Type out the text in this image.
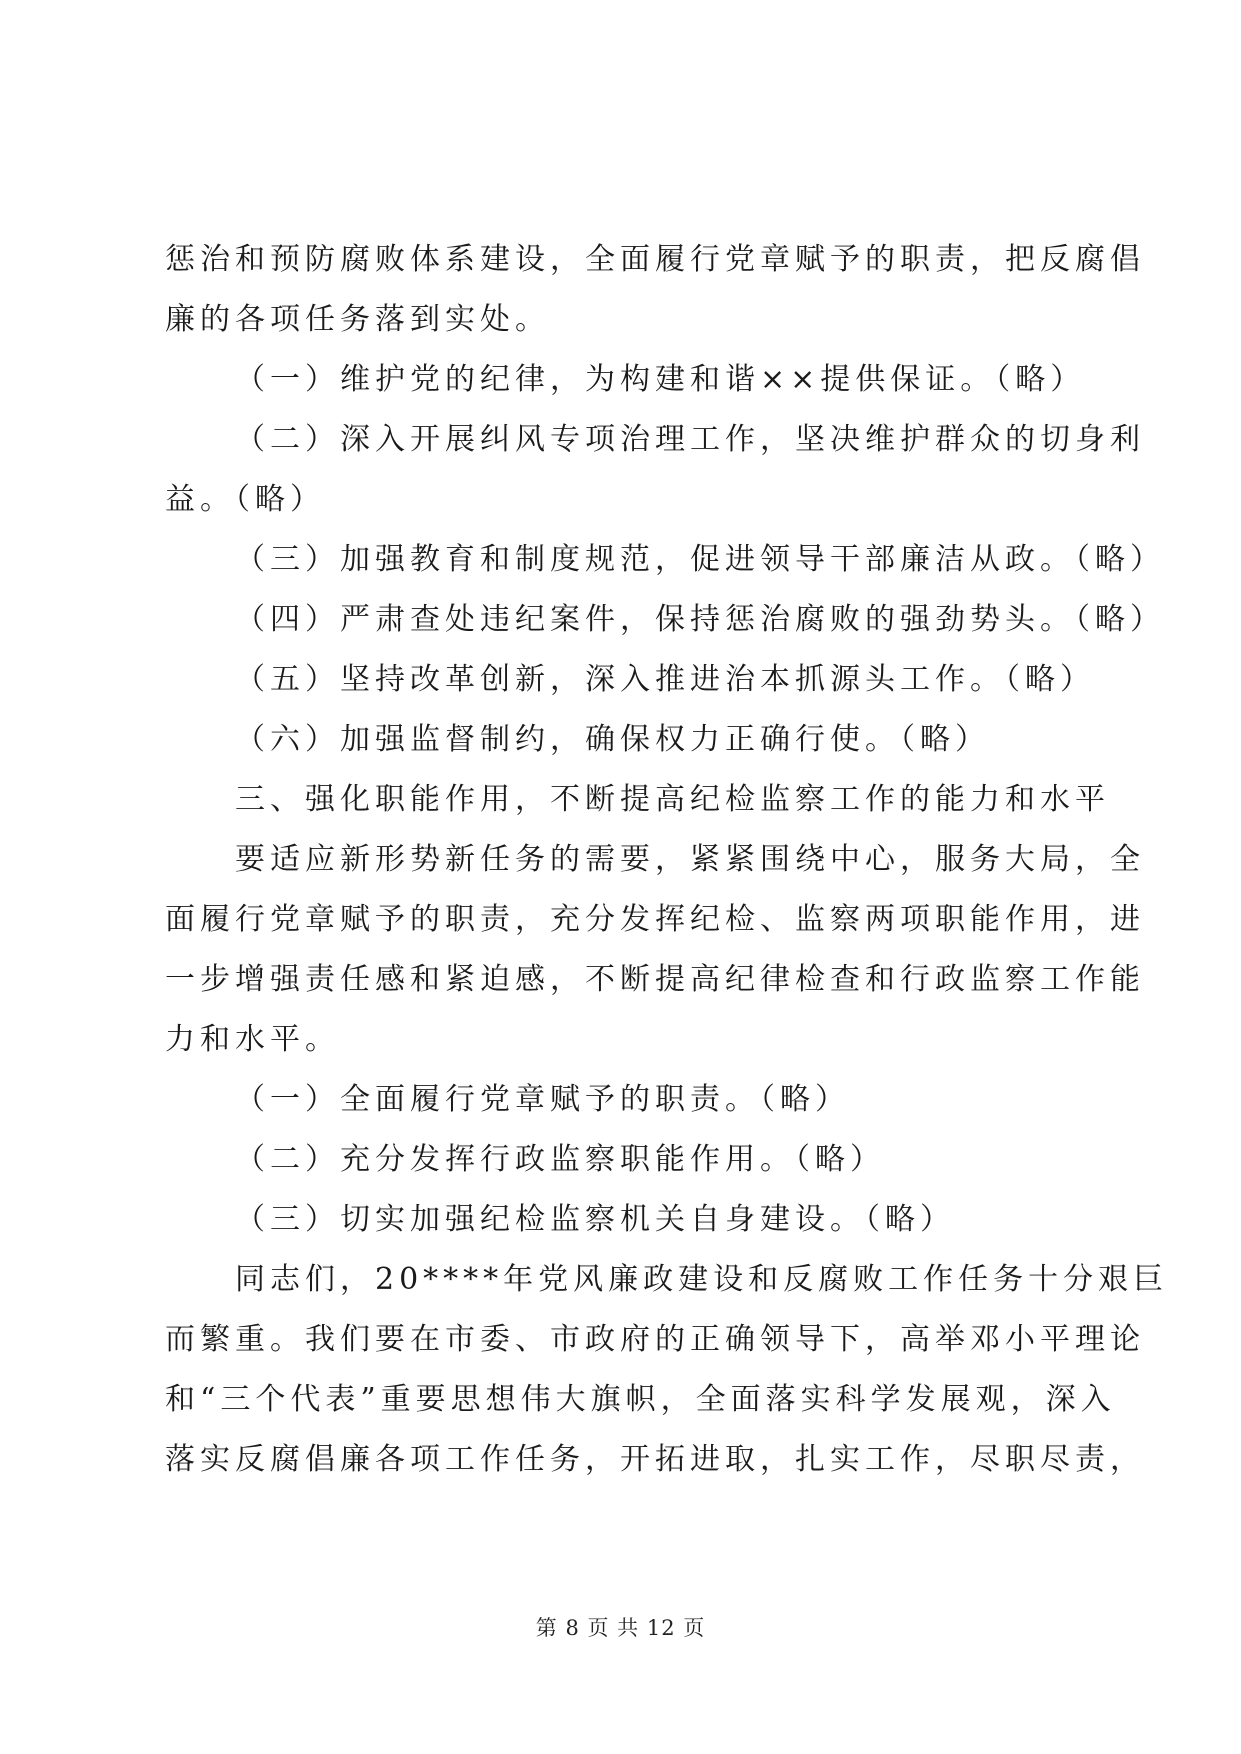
惩治和预防腐败体系建设，全面履行党章赋予的职责，把反腐倡
廉的各项任务落到实处。
（一）维护党的纪律，为构建和谐××提供保证。（略）
（二）深入开展纠风专项治理工作，坚决维护群众的切身利
益。（略）
（三）加强教育和制度规范，促进领导干部廉洁从政。（略）
（四）严肃查处违纪案件，保持惩治腐败的强劲势头。（略）
（五）坚持改革创新，深入推进治本抓源头工作。（略）
（六）加强监督制约，确保权力正确行使。（略）
三、强化职能作用，不断提高纪检监察工作的能力和水平
要适应新形势新任务的需要，紧紧围绕中心，服务大局，全
面履行党章赋予的职责，充分发挥纪检、监察两项职能作用，进
一步增强责任感和紧迫感，不断提高纪律检查和行政监察工作能
力和水平。
（一）全面履行党章赋予的职责。（略）
（二）充分发挥行政监察职能作用。（略）
（三）切实加强纪检监察机关自身建设。（略）
同志们，20****年党风廉政建设和反腐败工作任务十分艰巨
而繁重。我们要在市委、市政府的正确领导下，高举邓小平理论
和“三个代表”重要思想伟大旗帜，全面落实科学发展观，深入
落实反腐倡廉各项工作任务，开拓进取，扎实工作，尽职尽责，
第 8 页 共 12 页
